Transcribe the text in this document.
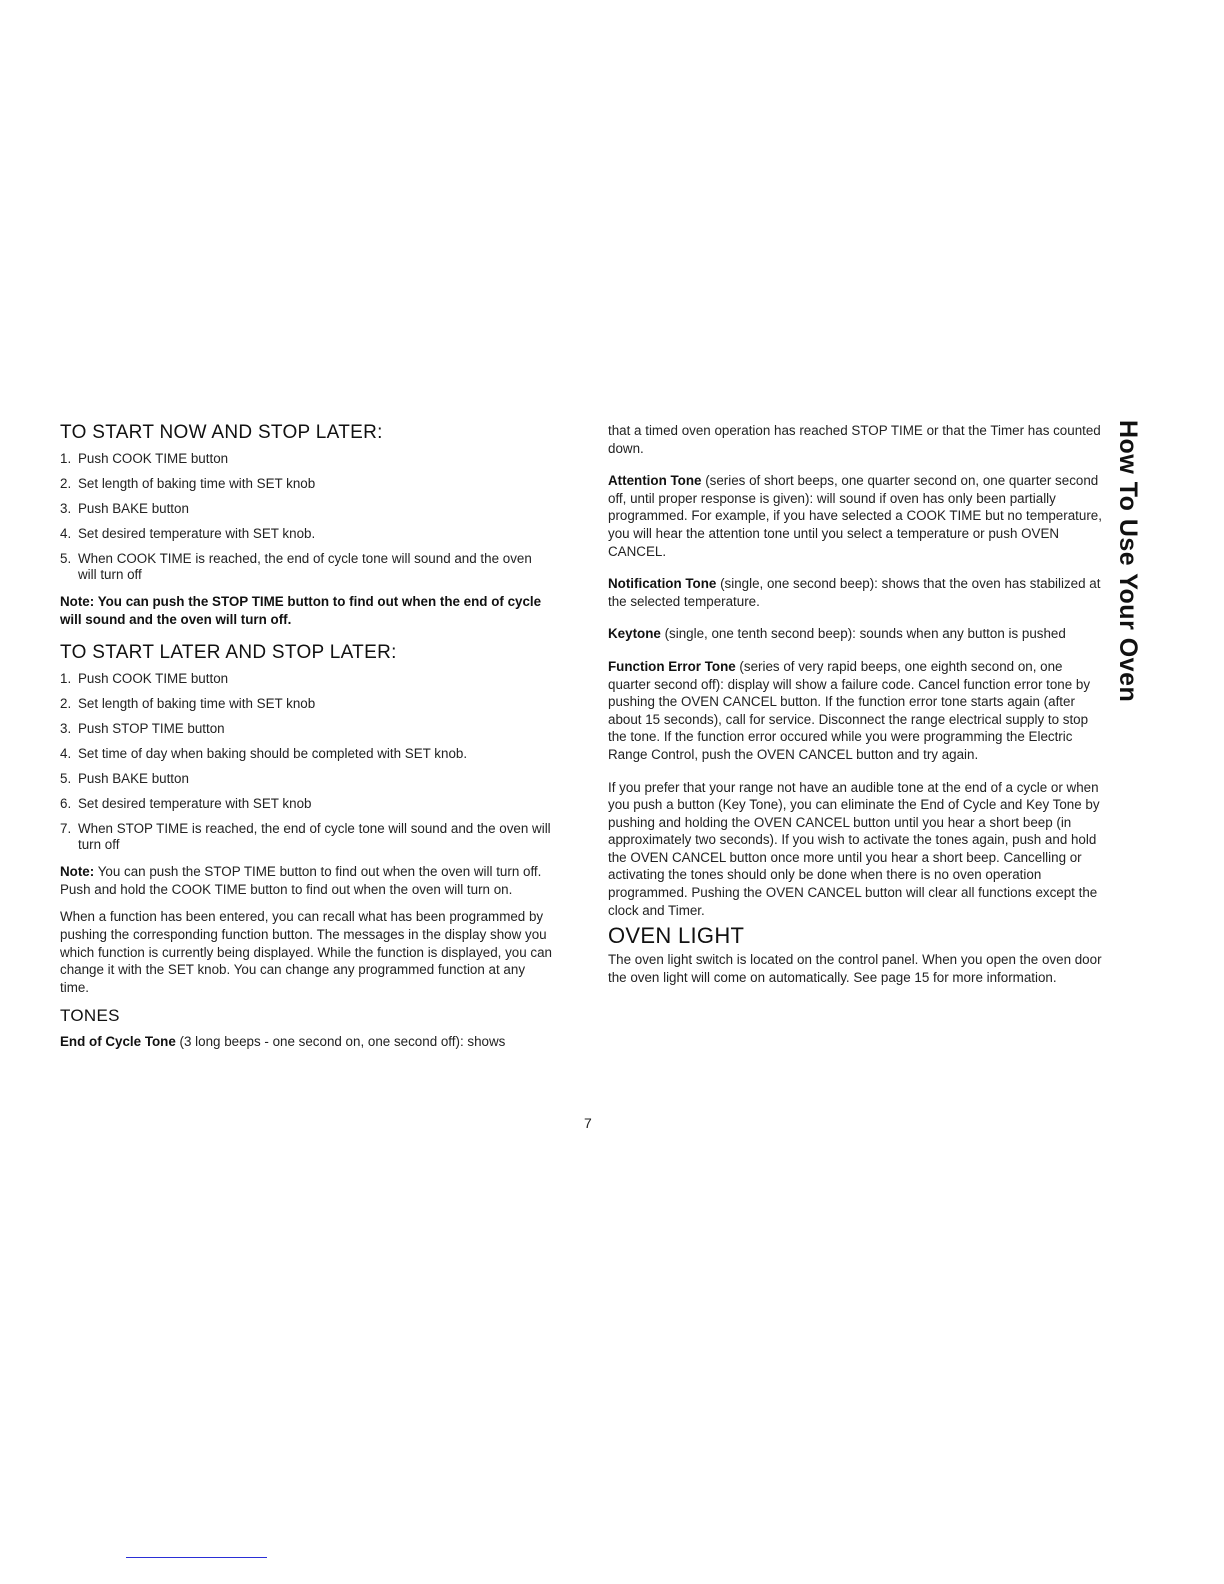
TO START NOW AND STOP LATER:
1. Push COOK TIME button
2. Set length of baking time with SET knob
3. Push BAKE button
4. Set desired temperature with SET knob.
5. When COOK TIME is reached, the end of cycle tone will sound and the oven will turn off

Note: You can push the STOP TIME button to find out when the end of cycle will sound and the oven will turn off.

TO START LATER AND STOP LATER:
1. Push COOK TIME button
2. Set length of baking time with SET knob
3. Push STOP TIME button
4. Set time of day when baking should be completed with SET knob.
5. Push BAKE button
6. Set desired temperature with SET knob
7. When STOP TIME is reached, the end of cycle tone will sound and the oven will turn off

Note: You can push the STOP TIME button to find out when the oven will turn off. Push and hold the COOK TIME button to find out when the oven will turn on.

When a function has been entered, you can recall what has been programmed by pushing the corresponding function button. The messages in the display show you which function is currently being displayed. While the function is displayed, you can change it with the SET knob. You can change any programmed function at any time.

TONES

End of Cycle Tone (3 long beeps - one second on, one second off): shows

that a timed oven operation has reached STOP TIME or that the Timer has counted down.

Attention Tone (series of short beeps, one quarter second on, one quarter second off, until proper response is given): will sound if oven has only been partially programmed. For example, if you have selected a COOK TIME but no temperature, you will hear the attention tone until you select a temperature or push OVEN CANCEL.

Notification Tone (single, one second beep): shows that the oven has stabilized at the selected temperature.

Keytone (single, one tenth second beep): sounds when any button is pushed

Function Error Tone (series of very rapid beeps, one eighth second on, one quarter second off): display will show a failure code. Cancel function error tone by pushing the OVEN CANCEL button. If the function error tone starts again (after about 15 seconds), call for service. Disconnect the range electrical supply to stop the tone. If the function error occured while you were programming the Electric Range Control, push the OVEN CANCEL button and try again.

If you prefer that your range not have an audible tone at the end of a cycle or when you push a button (Key Tone), you can eliminate the End of Cycle and Key Tone by pushing and holding the OVEN CANCEL button until you hear a short beep (in approximately two seconds). If you wish to activate the tones again, push and hold the OVEN CANCEL button once more until you hear a short beep. Cancelling or activating the tones should only be done when there is no oven operation programmed. Pushing the OVEN CANCEL button will clear all functions except the clock and Timer.

OVEN LIGHT

The oven light switch is located on the control panel. When you open the oven door the oven light will come on automatically. See page 15 for more information.

7
How To Use Your Oven
